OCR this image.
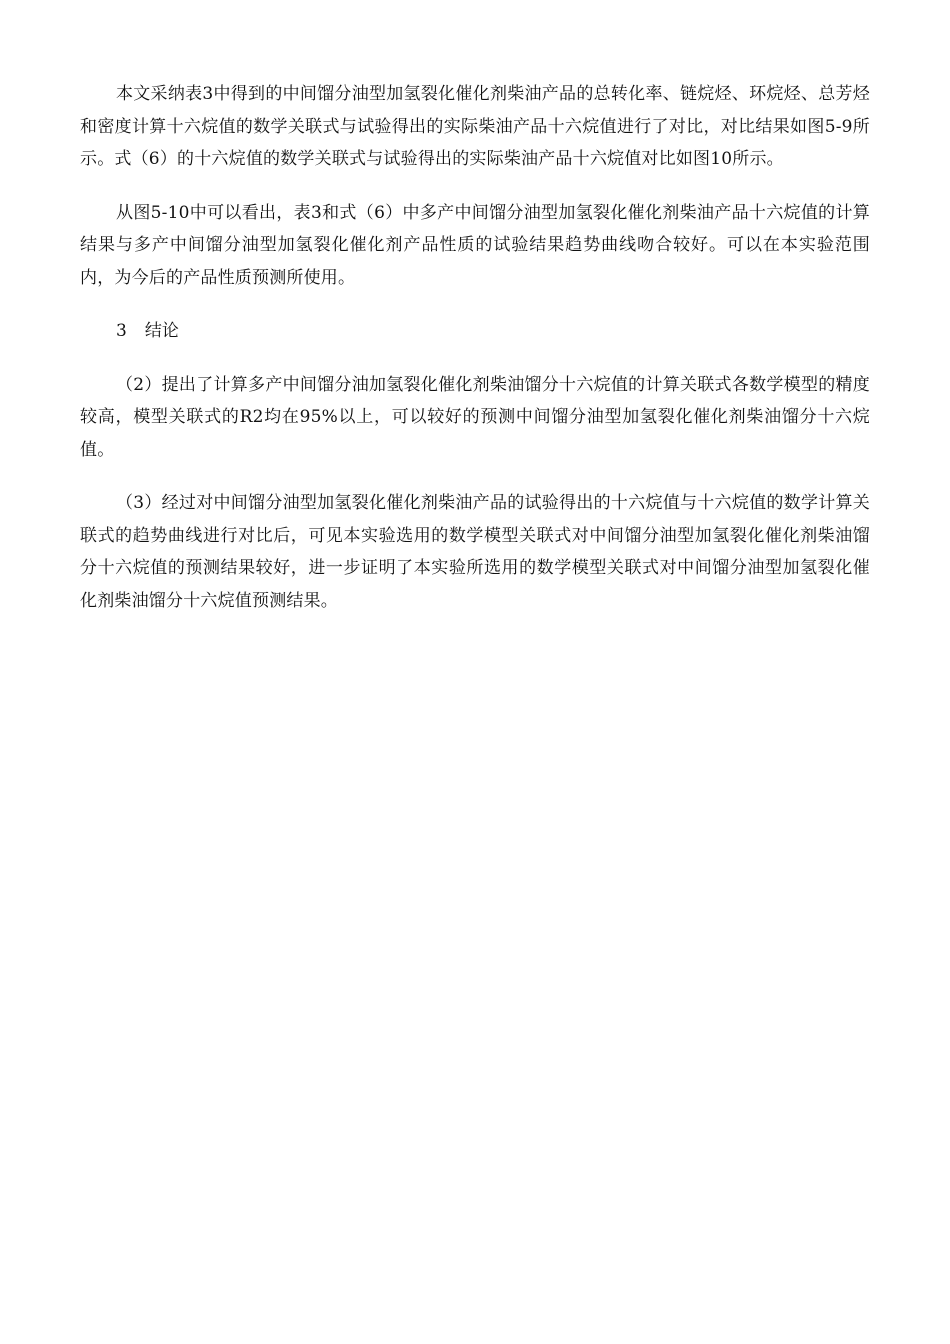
本文采纳表3中得到的中间馏分油型加氢裂化催化剂柴油产品的总转化率、链烷烃、环烷烃、总芳烃和密度计算十六烷值的数学关联式与试验得出的实际柴油产品十六烷值进行了对比，对比结果如图5-9所示。式（6）的十六烷值的数学关联式与试验得出的实际柴油产品十六烷值对比如图10所示。

从图5-10中可以看出，表3和式（6）中多产中间馏分油型加氢裂化催化剂柴油产品十六烷值的计算结果与多产中间馏分油型加氢裂化催化剂产品性质的试验结果趋势曲线吻合较好。可以在本实验范围内，为今后的产品性质预测所使用。

3 结论

（2）提出了计算多产中间馏分油加氢裂化催化剂柴油馏分十六烷值的计算关联式各数学模型的精度较高，模型关联式的R2均在95%以上，可以较好的预测中间馏分油型加氢裂化催化剂柴油馏分十六烷值。

（3）经过对中间馏分油型加氢裂化催化剂柴油产品的试验得出的十六烷值与十六烷值的数学计算关联式的趋势曲线进行对比后，可见本实验选用的数学模型关联式对中间馏分油型加氢裂化催化剂柴油馏分十六烷值的预测结果较好，进一步证明了本实验所选用的数学模型关联式对中间馏分油型加氢裂化催化剂柴油馏分十六烷值预测结果。
